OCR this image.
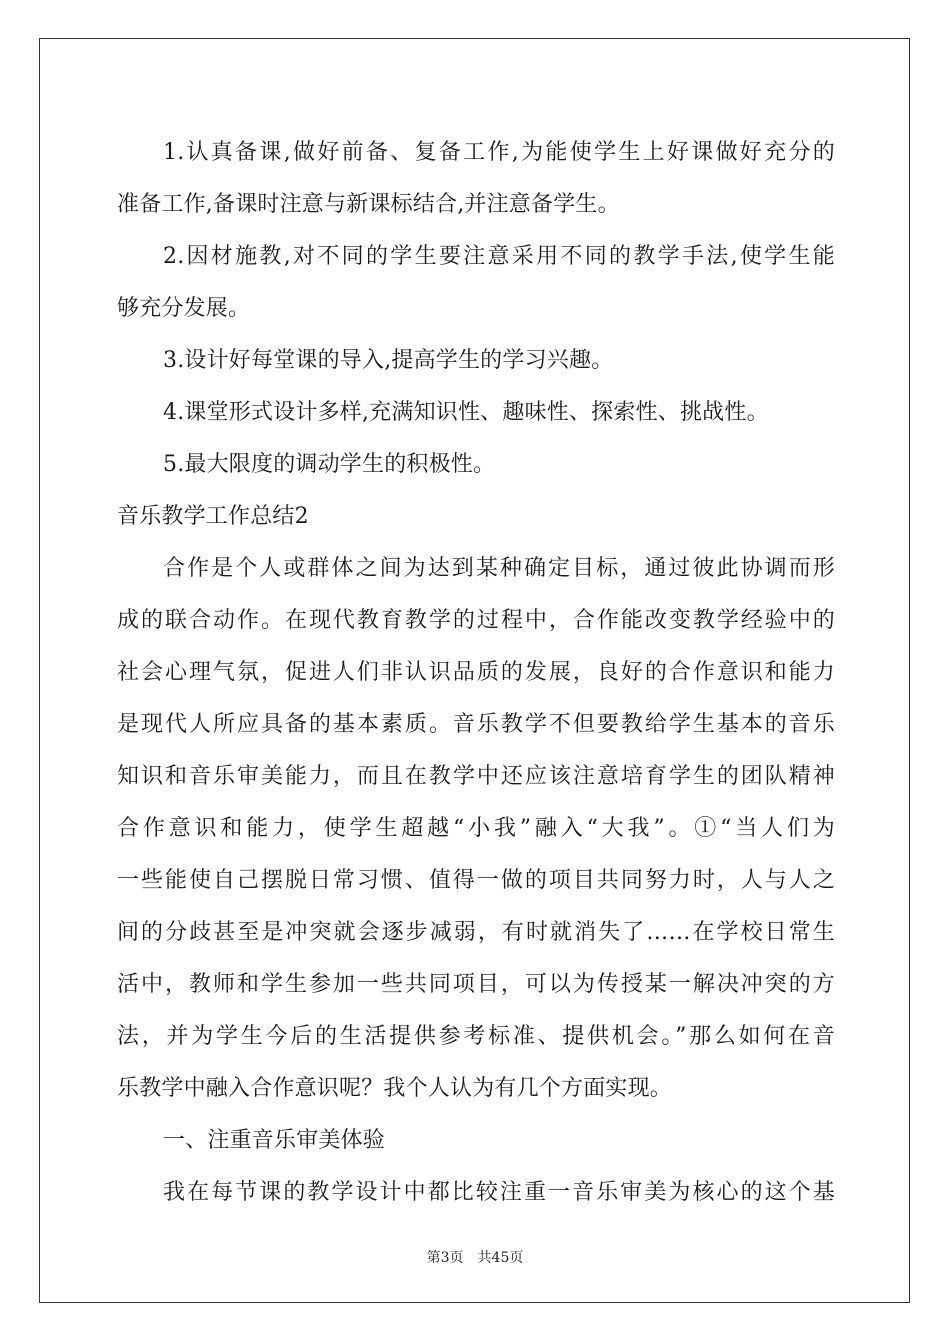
1.认真备课,做好前备、复备工作,为能使学生上好课做好充分的
准备工作,备课时注意与新课标结合,并注意备学生。
2.因材施教,对不同的学生要注意采用不同的教学手法,使学生能
够充分发展。
3.设计好每堂课的导入,提高学生的学习兴趣。
4.课堂形式设计多样,充满知识性、趣味性、探索性、挑战性。
5.最大限度的调动学生的积极性。
音乐教学工作总结2
合作是个人或群体之间为达到某种确定目标，通过彼此协调而形
成的联合动作。在现代教育教学的过程中，合作能改变教学经验中的
社会心理气氛，促进人们非认识品质的发展，良好的合作意识和能力
是现代人所应具备的基本素质。音乐教学不但要教给学生基本的音乐
知识和音乐审美能力，而且在教学中还应该注意培育学生的团队精神
合作意识和能力，使学生超越“小我”融入“大我”。①“当人们为
一些能使自己摆脱日常习惯、值得一做的项目共同努力时，人与人之
间的分歧甚至是冲突就会逐步减弱，有时就消失了……在学校日常生
活中，教师和学生参加一些共同项目，可以为传授某一解决冲突的方
法，并为学生今后的生活提供参考标准、提供机会。”那么如何在音
乐教学中融入合作意识呢？我个人认为有几个方面实现。
一、注重音乐审美体验
我在每节课的教学设计中都比较注重一音乐审美为核心的这个基
第3页 共45页
